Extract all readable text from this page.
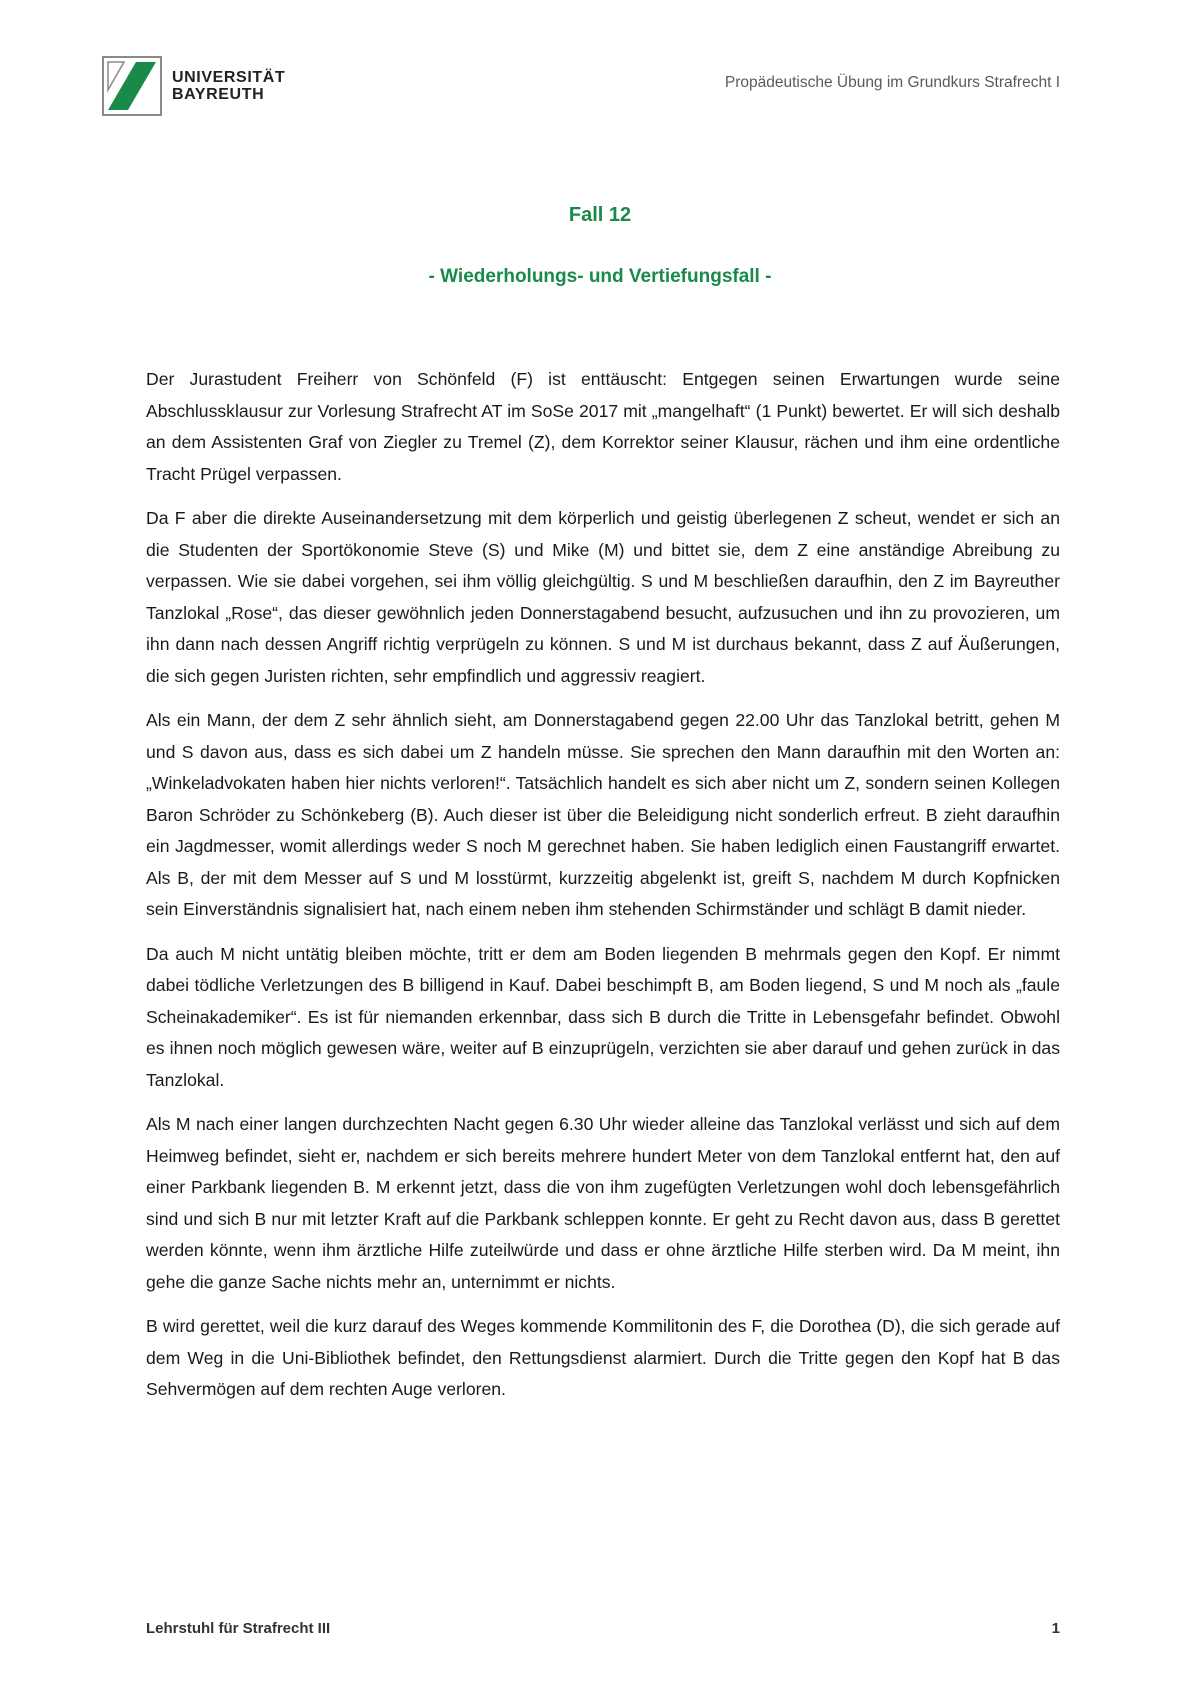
UNIVERSITÄT
BAYREUTH
Propädeutische Übung im Grundkurs Strafrecht I
Fall 12
- Wiederholungs- und Vertiefungsfall -

Der Jurastudent Freiherr von Schönfeld (F) ist enttäuscht: Entgegen seinen Erwartungen wurde seine Abschlussklausur zur Vorlesung Strafrecht AT im SoSe 2017 mit „mangelhaft“ (1 Punkt) bewertet. Er will sich deshalb an dem Assistenten Graf von Ziegler zu Tremel (Z), dem Korrektor seiner Klausur, rächen und ihm eine ordentliche Tracht Prügel verpassen.

Da F aber die direkte Auseinandersetzung mit dem körperlich und geistig überlegenen Z scheut, wendet er sich an die Studenten der Sportökonomie Steve (S) und Mike (M) und bittet sie, dem Z eine anständige Abreibung zu verpassen. Wie sie dabei vorgehen, sei ihm völlig gleichgültig. S und M beschließen daraufhin, den Z im Bayreuther Tanzlokal „Rose“, das dieser gewöhnlich jeden Donnerstagabend besucht, aufzusuchen und ihn zu provozieren, um ihn dann nach dessen Angriff richtig verprügeln zu können. S und M ist durchaus bekannt, dass Z auf Äußerungen, die sich gegen Juristen richten, sehr empfindlich und aggressiv reagiert.

Als ein Mann, der dem Z sehr ähnlich sieht, am Donnerstagabend gegen 22.00 Uhr das Tanzlokal betritt, gehen M und S davon aus, dass es sich dabei um Z handeln müsse. Sie sprechen den Mann daraufhin mit den Worten an: „Winkeladvokaten haben hier nichts verloren!“. Tatsächlich handelt es sich aber nicht um Z, sondern seinen Kollegen Baron Schröder zu Schönkeberg (B). Auch dieser ist über die Beleidigung nicht sonderlich erfreut. B zieht daraufhin ein Jagdmesser, womit allerdings weder S noch M gerechnet haben. Sie haben lediglich einen Faustangriff erwartet. Als B, der mit dem Messer auf S und M losstürmt, kurzzeitig abgelenkt ist, greift S, nachdem M durch Kopfnicken sein Einverständnis signalisiert hat, nach einem neben ihm stehenden Schirmständer und schlägt B damit nieder.

Da auch M nicht untätig bleiben möchte, tritt er dem am Boden liegenden B mehrmals gegen den Kopf. Er nimmt dabei tödliche Verletzungen des B billigend in Kauf. Dabei beschimpft B, am Boden liegend, S und M noch als „faule Scheinakademiker“. Es ist für niemanden erkennbar, dass sich B durch die Tritte in Lebensgefahr befindet. Obwohl es ihnen noch möglich gewesen wäre, weiter auf B einzuprügeln, verzichten sie aber darauf und gehen zurück in das Tanzlokal.

Als M nach einer langen durchzechten Nacht gegen 6.30 Uhr wieder alleine das Tanzlokal verlässt und sich auf dem Heimweg befindet, sieht er, nachdem er sich bereits mehrere hundert Meter von dem Tanzlokal entfernt hat, den auf einer Parkbank liegenden B. M erkennt jetzt, dass die von ihm zugefügten Verletzungen wohl doch lebensgefährlich sind und sich B nur mit letzter Kraft auf die Parkbank schleppen konnte. Er geht zu Recht davon aus, dass B gerettet werden könnte, wenn ihm ärztliche Hilfe zuteilwürde und dass er ohne ärztliche Hilfe sterben wird. Da M meint, ihn gehe die ganze Sache nichts mehr an, unternimmt er nichts.

B wird gerettet, weil die kurz darauf des Weges kommende Kommilitonin des F, die Dorothea (D), die sich gerade auf dem Weg in die Uni-Bibliothek befindet, den Rettungsdienst alarmiert. Durch die Tritte gegen den Kopf hat B das Sehvermögen auf dem rechten Auge verloren.

Lehrstuhl für Strafrecht III	1
